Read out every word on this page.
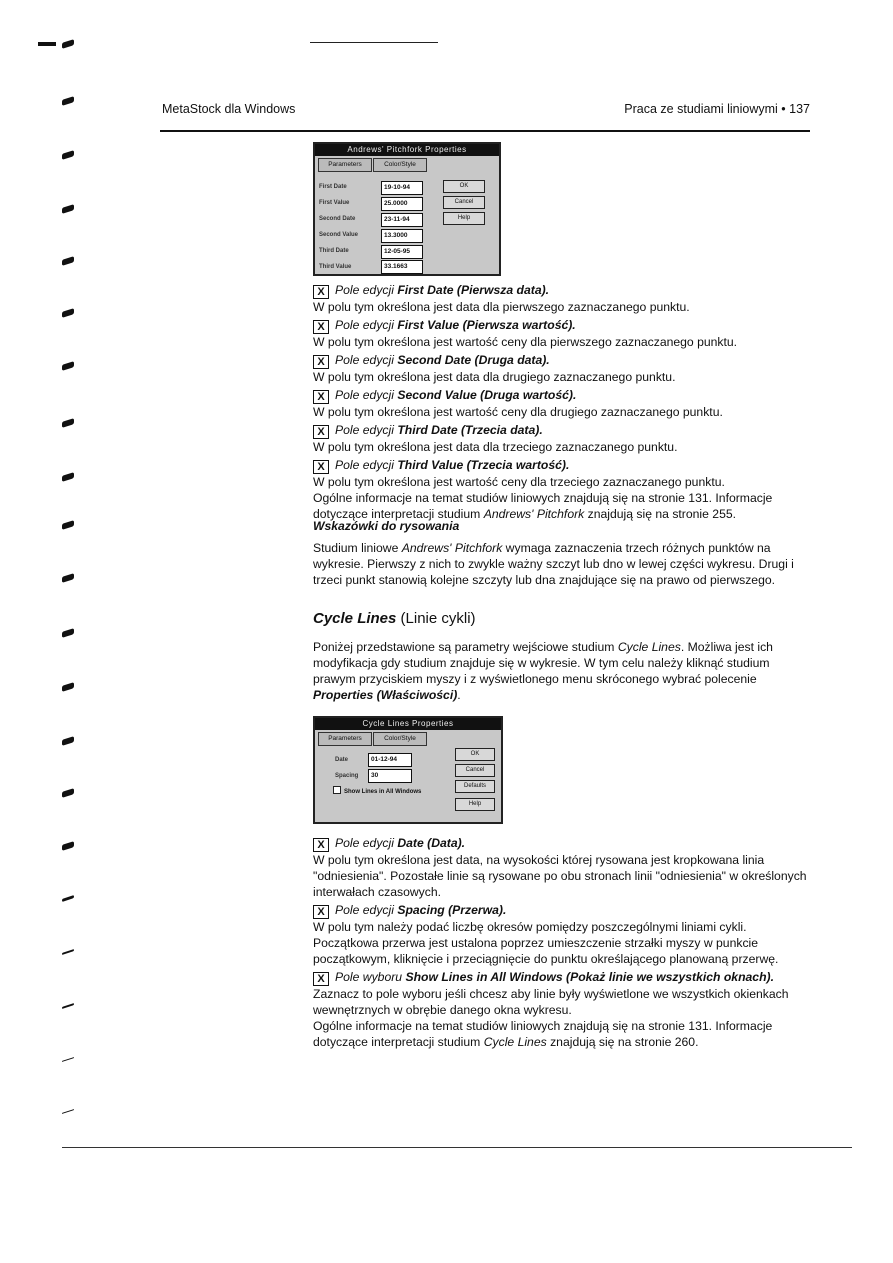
MetaStock dla Windows	Praca ze studiami liniowymi • 137
Andrews' Pitchfork Properties
Parameters	Color/Style
First Date	19-10-94
First Value	25.0000
Second Date	23-11-94
Second Value	13.3000
Third Date	12-05-95
Third Value	33.1663
OK
Cancel
Help
X Pole edycji First Date (Pierwsza data).
W polu tym określona jest data dla pierwszego zaznaczanego punktu.
X Pole edycji First Value (Pierwsza wartość).
W polu tym określona jest wartość ceny dla pierwszego zaznaczanego punktu.
X Pole edycji Second Date (Druga data).
W polu tym określona jest data dla drugiego zaznaczanego punktu.
X Pole edycji Second Value (Druga wartość).
W polu tym określona jest wartość ceny dla drugiego zaznaczanego punktu.
X Pole edycji Third Date (Trzecia data).
W polu tym określona jest data dla trzeciego zaznaczanego punktu.
X Pole edycji Third Value (Trzecia wartość).
W polu tym określona jest wartość ceny dla trzeciego zaznaczanego punktu.
Ogólne informacje na temat studiów liniowych znajdują się na stronie 131. Informacje dotyczące interpretacji studium Andrews' Pitchfork znajdują się na stronie 255.
Wskazówki do rysowania
Studium liniowe Andrews' Pitchfork wymaga zaznaczenia trzech różnych punktów na wykresie. Pierwszy z nich to zwykle ważny szczyt lub dno w lewej części wykresu. Drugi i trzeci punkt stanowią kolejne szczyty lub dna znajdujące się na prawo od pierwszego.
Cycle Lines (Linie cykli)
Poniżej przedstawione są parametry wejściowe studium Cycle Lines. Możliwa jest ich modyfikacja gdy studium znajduje się w wykresie. W tym celu należy kliknąć studium prawym przyciskiem myszy i z wyświetlonego menu skróconego wybrać polecenie Properties (Właściwości).
Cycle Lines Properties
Parameters	Color/Style
Date	01-12-94
Spacing	30
Show Lines in All Windows
OK
Cancel
Defaults
Help
X Pole edycji Date (Data).
W polu tym określona jest data, na wysokości której rysowana jest kropkowana linia "odniesienia". Pozostałe linie są rysowane po obu stronach linii "odniesienia" w określonych interwałach czasowych.
X Pole edycji Spacing (Przerwa).
W polu tym należy podać liczbę okresów pomiędzy poszczególnymi liniami cykli. Początkowa przerwa jest ustalona poprzez umieszczenie strzałki myszy w punkcie początkowym, kliknięcie i przeciągnięcie do punktu określającego planowaną przerwę.
X Pole wyboru Show Lines in All Windows (Pokaż linie we wszystkich oknach).
Zaznacz to pole wyboru jeśli chcesz aby linie były wyświetlone we wszystkich okienkach wewnętrznych w obrębie danego okna wykresu.
Ogólne informacje na temat studiów liniowych znajdują się na stronie 131. Informacje dotyczące interpretacji studium Cycle Lines znajdują się na stronie 260.
